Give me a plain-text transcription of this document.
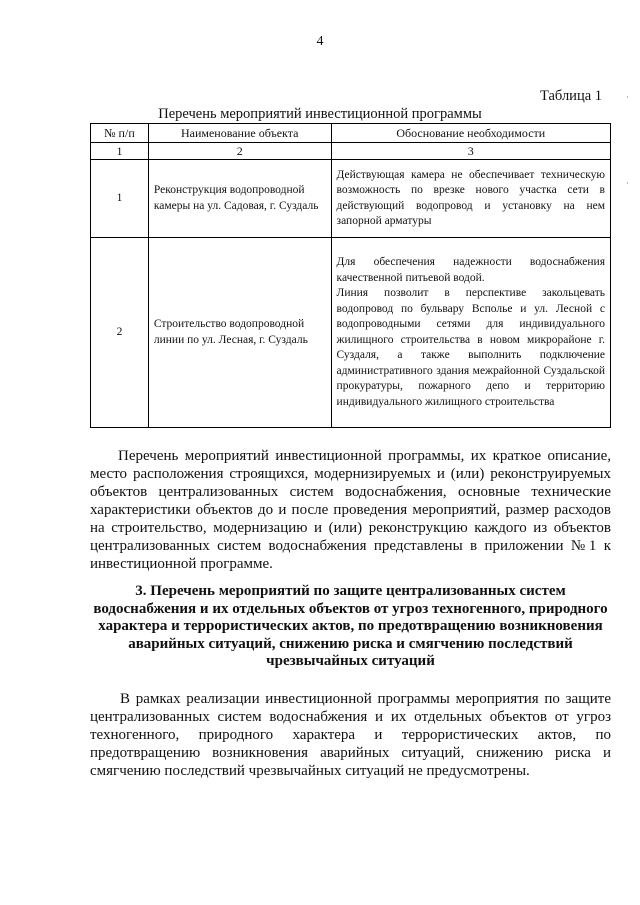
4
Таблица 1
Перечень мероприятий инвестиционной программы
№ п/п	Наименование объекта	Обоснование необходимости
1	2	3
1	Реконструкция водопроводной камеры на ул. Садовая, г. Суздаль	Действующая камера не обеспечивает техническую возможность по врезке нового участка сети в действующий водопровод и установку на нем запорной арматуры
2	Строительство водопроводной линии по ул. Лесная, г. Суздаль	Для обеспечения надежности водоснабжения качественной питьевой водой.
Линия позволит в перспективе закольцевать водопровод по бульвару Всполье и ул. Лесной с водопроводными сетями для индивидуального жилищного строительства в новом микрорайоне г. Суздаля, а также выполнить подключение административного здания межрайонной Суздальской прокуратуры, пожарного депо и территорию индивидуального жилищного строительства
Перечень мероприятий инвестиционной программы, их краткое описание, место расположения строящихся, модернизируемых и (или) реконструируемых объектов централизованных систем водоснабжения, основные технические характеристики объектов до и после проведения мероприятий, размер расходов на строительство, модернизацию и (или) реконструкцию каждого из объектов централизованных систем водоснабжения представлены в приложении №1 к инвестиционной программе.
3. Перечень мероприятий по защите централизованных систем водоснабжения и их отдельных объектов от угроз техногенного, природного характера и террористических актов, по предотвращению возникновения аварийных ситуаций, снижению риска и смягчению последствий чрезвычайных ситуаций
В рамках реализации инвестиционной программы мероприятия по защите централизованных систем водоснабжения и их отдельных объектов от угроз техногенного, природного характера и террористических актов, по предотвращению возникновения аварийных ситуаций, снижению риска и смягчению последствий чрезвычайных ситуаций не предусмотрены.
·
·
